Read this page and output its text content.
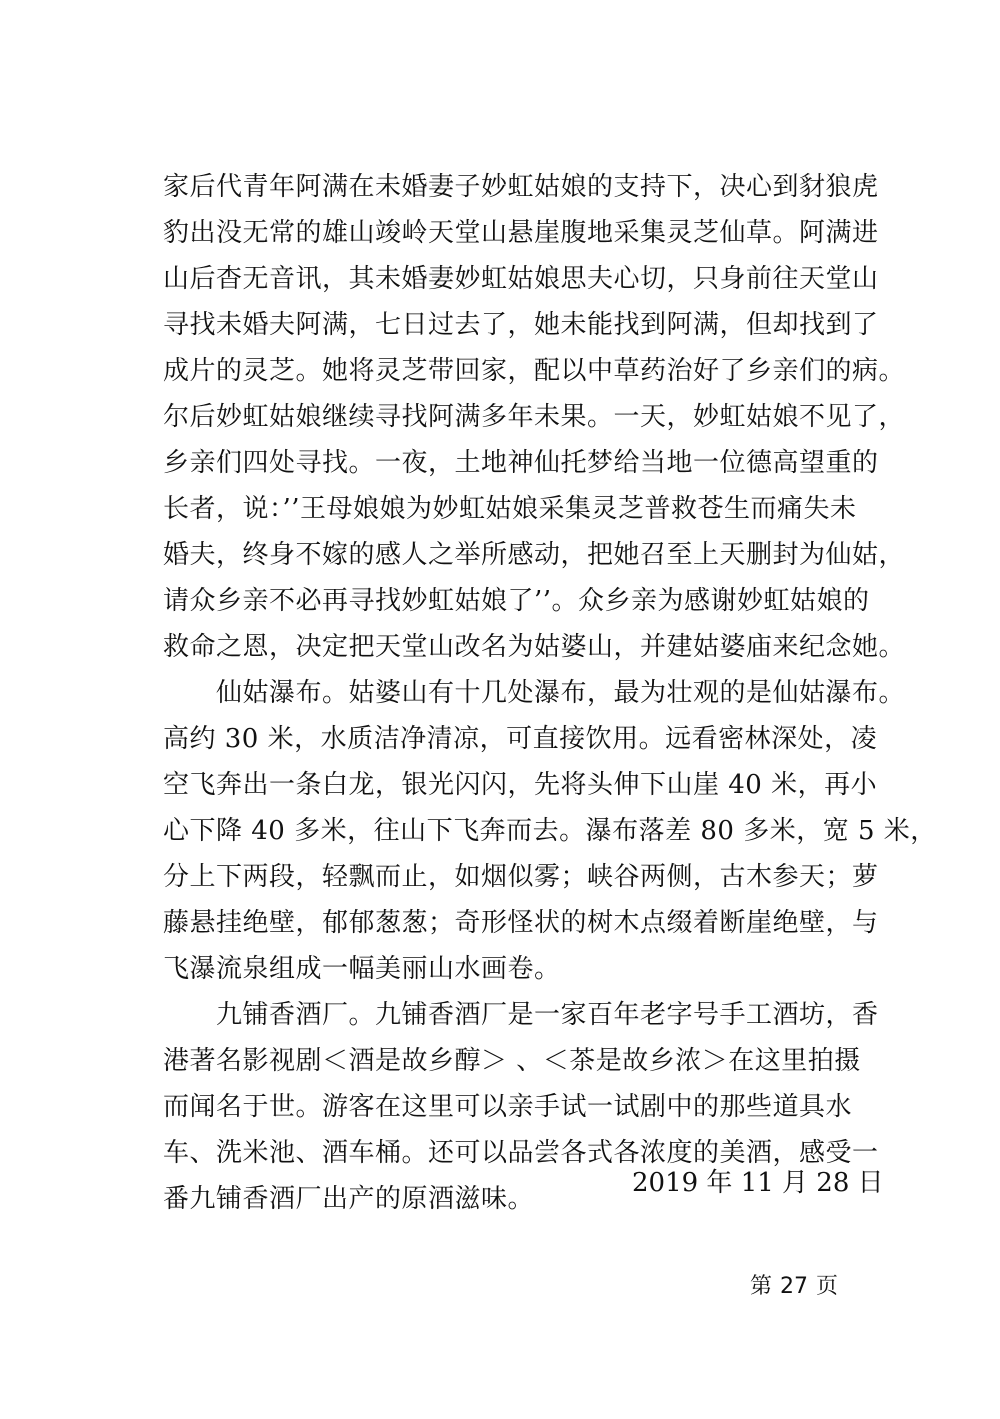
家后代青年阿满在未婚妻子妙虹姑娘的支持下，决心到豺狼虎
豹出没无常的雄山竣岭天堂山悬崖腹地采集灵芝仙草。阿满进
山后杳无音讯，其未婚妻妙虹姑娘思夫心切，只身前往天堂山
寻找未婚夫阿满，七日过去了，她未能找到阿满，但却找到了
成片的灵芝。她将灵芝带回家，配以中草药治好了乡亲们的病。
尔后妙虹姑娘继续寻找阿满多年未果。一天，妙虹姑娘不见了，
乡亲们四处寻找。一夜，土地神仙托梦给当地一位德高望重的
长者，说：’’王母娘娘为妙虹姑娘采集灵芝普救苍生而痛失未
婚夫，终身不嫁的感人之举所感动，把她召至上天删封为仙姑，
请众乡亲不必再寻找妙虹姑娘了’’。众乡亲为感谢妙虹姑娘的
救命之恩，决定把天堂山改名为姑婆山，并建姑婆庙来纪念她。
　　仙姑瀑布。姑婆山有十几处瀑布，最为壮观的是仙姑瀑布。
高约 30 米，水质洁净清凉，可直接饮用。远看密林深处，凌
空飞奔出一条白龙，银光闪闪，先将头伸下山崖 40 米，再小
心下降 40 多米，往山下飞奔而去。瀑布落差 80 多米，宽 5 米，
分上下两段，轻飘而止，如烟似雾；峡谷两侧，古木参天；萝
藤悬挂绝壁，郁郁葱葱；奇形怪状的树木点缀着断崖绝壁，与
飞瀑流泉组成一幅美丽山水画卷。
　　九铺香酒厂。九铺香酒厂是一家百年老字号手工酒坊，香
港著名影视剧＜酒是故乡醇＞ 、＜茶是故乡浓＞在这里拍摄
而闻名于世。游客在这里可以亲手试一试剧中的那些道具水
车、洗米池、酒车桶。还可以品尝各式各浓度的美酒，感受一
番九铺香酒厂出产的原酒滋味。
2019 年 11 月 28 日
第 27 页
